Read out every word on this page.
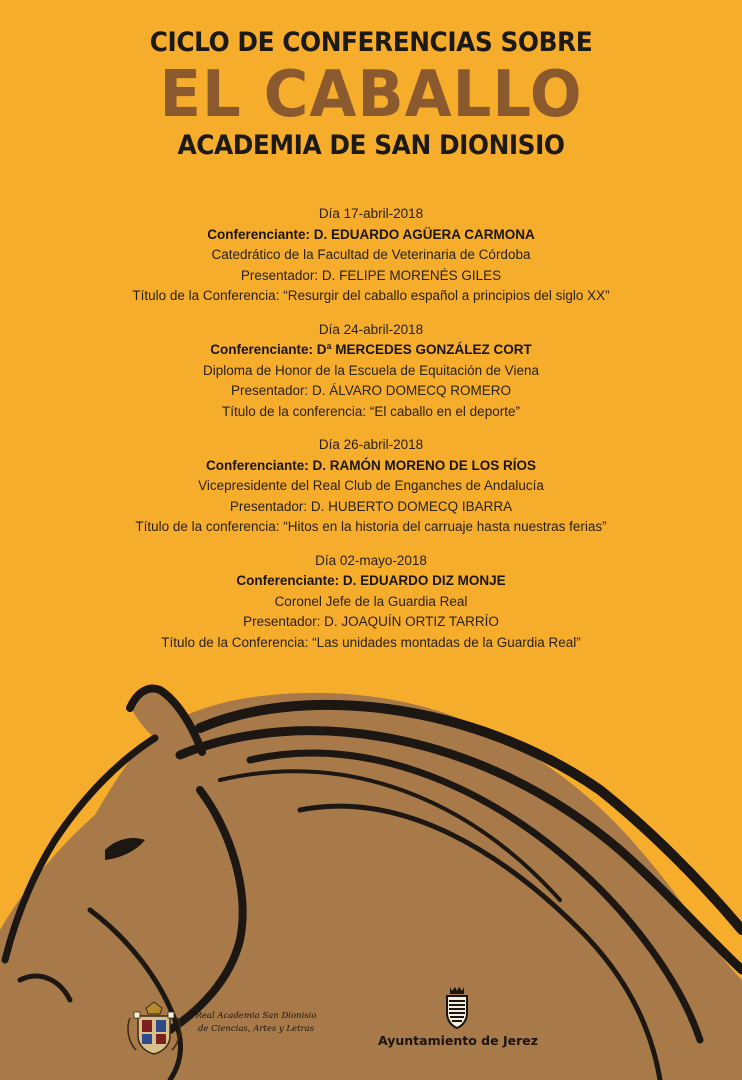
CICLO DE CONFERENCIAS SOBRE
EL CABALLO
ACADEMIA DE SAN DIONISIO
Día 17-abril-2018
Conferenciante: D. EDUARDO AGÜERA CARMONA
Catedrático de la Facultad de Veterinaria de Córdoba
Presentador: D. FELIPE MORENÉS GILES
Título de la Conferencia: “Resurgir del caballo español a principios del siglo XX”
Día 24-abril-2018
Conferenciante: Dª MERCEDES GONZÁLEZ CORT
Diploma de Honor de la Escuela de Equitación de Viena
Presentador: D. ÁLVARO DOMECQ ROMERO
Título de la conferencia: “El caballo en el deporte”
Día 26-abril-2018
Conferenciante: D. RAMÓN MORENO DE LOS RÍOS
Vicepresidente del Real Club de Enganches de Andalucía
Presentador: D. HUBERTO DOMECQ IBARRA
Título de la conferencia: “Hitos en la historia del carruaje hasta nuestras ferias”
Día 02-mayo-2018
Conferenciante: D. EDUARDO DIZ MONJE
Coronel Jefe de la Guardia Real
Presentador: D. JOAQUÍN ORTIZ TARRÍO
Título de la Conferencia: “Las unidades montadas de la Guardia Real”
Real Academia San Dionisio
de Ciencias, Artes y Letras
Ayuntamiento de Jerez
